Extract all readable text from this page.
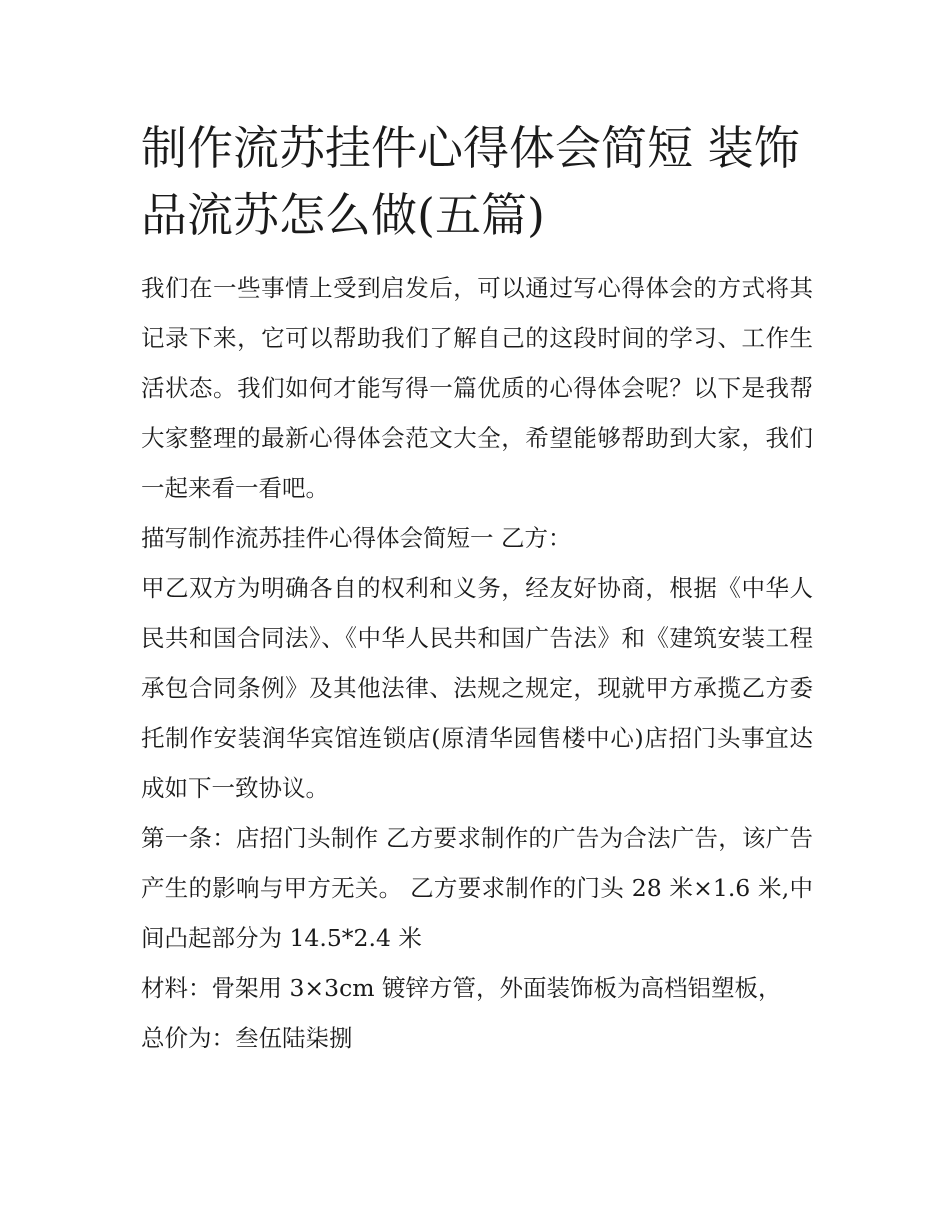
制作流苏挂件心得体会简短 装饰品流苏怎么做(五篇)

我们在一些事情上受到启发后，可以通过写心得体会的方式将其记录下来，它可以帮助我们了解自己的这段时间的学习、工作生活状态。我们如何才能写得一篇优质的心得体会呢？以下是我帮大家整理的最新心得体会范文大全，希望能够帮助到大家，我们一起来看一看吧。

描写制作流苏挂件心得体会简短一 乙方：

甲乙双方为明确各自的权利和义务，经友好协商，根据《中华人民共和国合同法》、《中华人民共和国广告法》和《建筑安装工程承包合同条例》及其他法律、法规之规定，现就甲方承揽乙方委托制作安装润华宾馆连锁店(原清华园售楼中心)店招门头事宜达成如下一致协议。

第一条：店招门头制作 乙方要求制作的广告为合法广告，该广告产生的影响与甲方无关。 乙方要求制作的门头 28 米×1.6 米,中间凸起部分为 14.5*2.4 米

材料：骨架用 3×3cm 镀锌方管，外面装饰板为高档铝塑板，

总价为：叁伍陆柒捌
